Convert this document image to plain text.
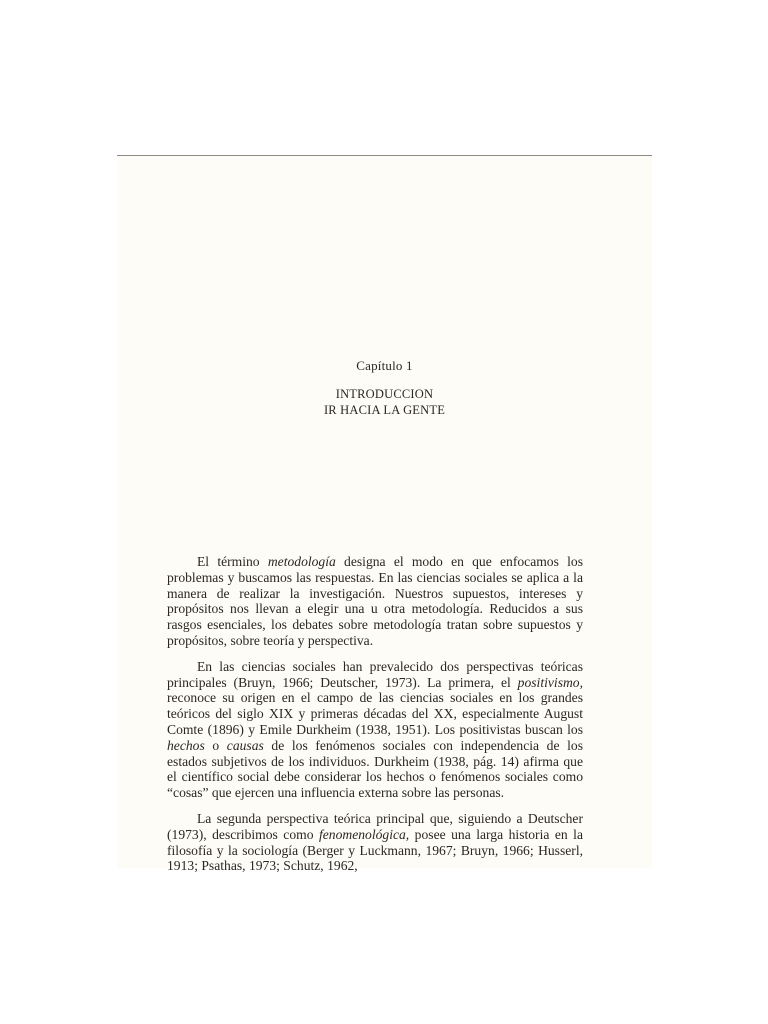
Capítulo 1
INTRODUCCION
IR HACIA LA GENTE

El término metodología designa el modo en que enfocamos los problemas y buscamos las respuestas. En las ciencias sociales se aplica a la manera de realizar la investigación. Nuestros supuestos, intereses y propósitos nos llevan a elegir una u otra metodología. Reducidos a sus rasgos esenciales, los debates sobre metodología tratan sobre supuestos y propósitos, sobre teoría y perspectiva.

En las ciencias sociales han prevalecido dos perspectivas teóricas principales (Bruyn, 1966; Deutscher, 1973). La primera, el positivismo, reconoce su origen en el campo de las ciencias sociales en los grandes teóricos del siglo XIX y primeras décadas del XX, especialmente August Comte (1896) y Emile Durkheim (1938, 1951). Los positivistas buscan los hechos o causas de los fenómenos sociales con independencia de los estados subjetivos de los individuos. Durkheim (1938, pág. 14) afirma que el científico social debe considerar los hechos o fenómenos sociales como “cosas” que ejercen una influencia externa sobre las personas.

La segunda perspectiva teórica principal que, siguiendo a Deutscher (1973), describimos como fenomenológica, posee una larga historia en la filosofía y la sociología (Berger y Luckmann, 1967; Bruyn, 1966; Husserl, 1913; Psathas, 1973; Schutz, 1962,
